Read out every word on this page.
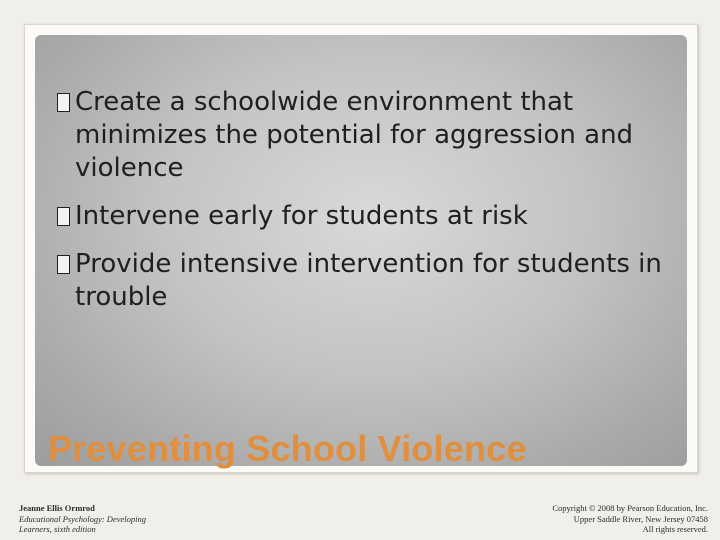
Create a schoolwide environment that minimizes the potential for aggression and violence
Intervene early for students at risk
Provide intensive intervention for students in trouble
Preventing School Violence
Jeanne Ellis Ormrod
Educational Psychology: Developing
Learners, sixth edition
Copyright © 2008 by Pearson Education, Inc.
Upper Saddle River, New Jersey 07458
All rights reserved.
